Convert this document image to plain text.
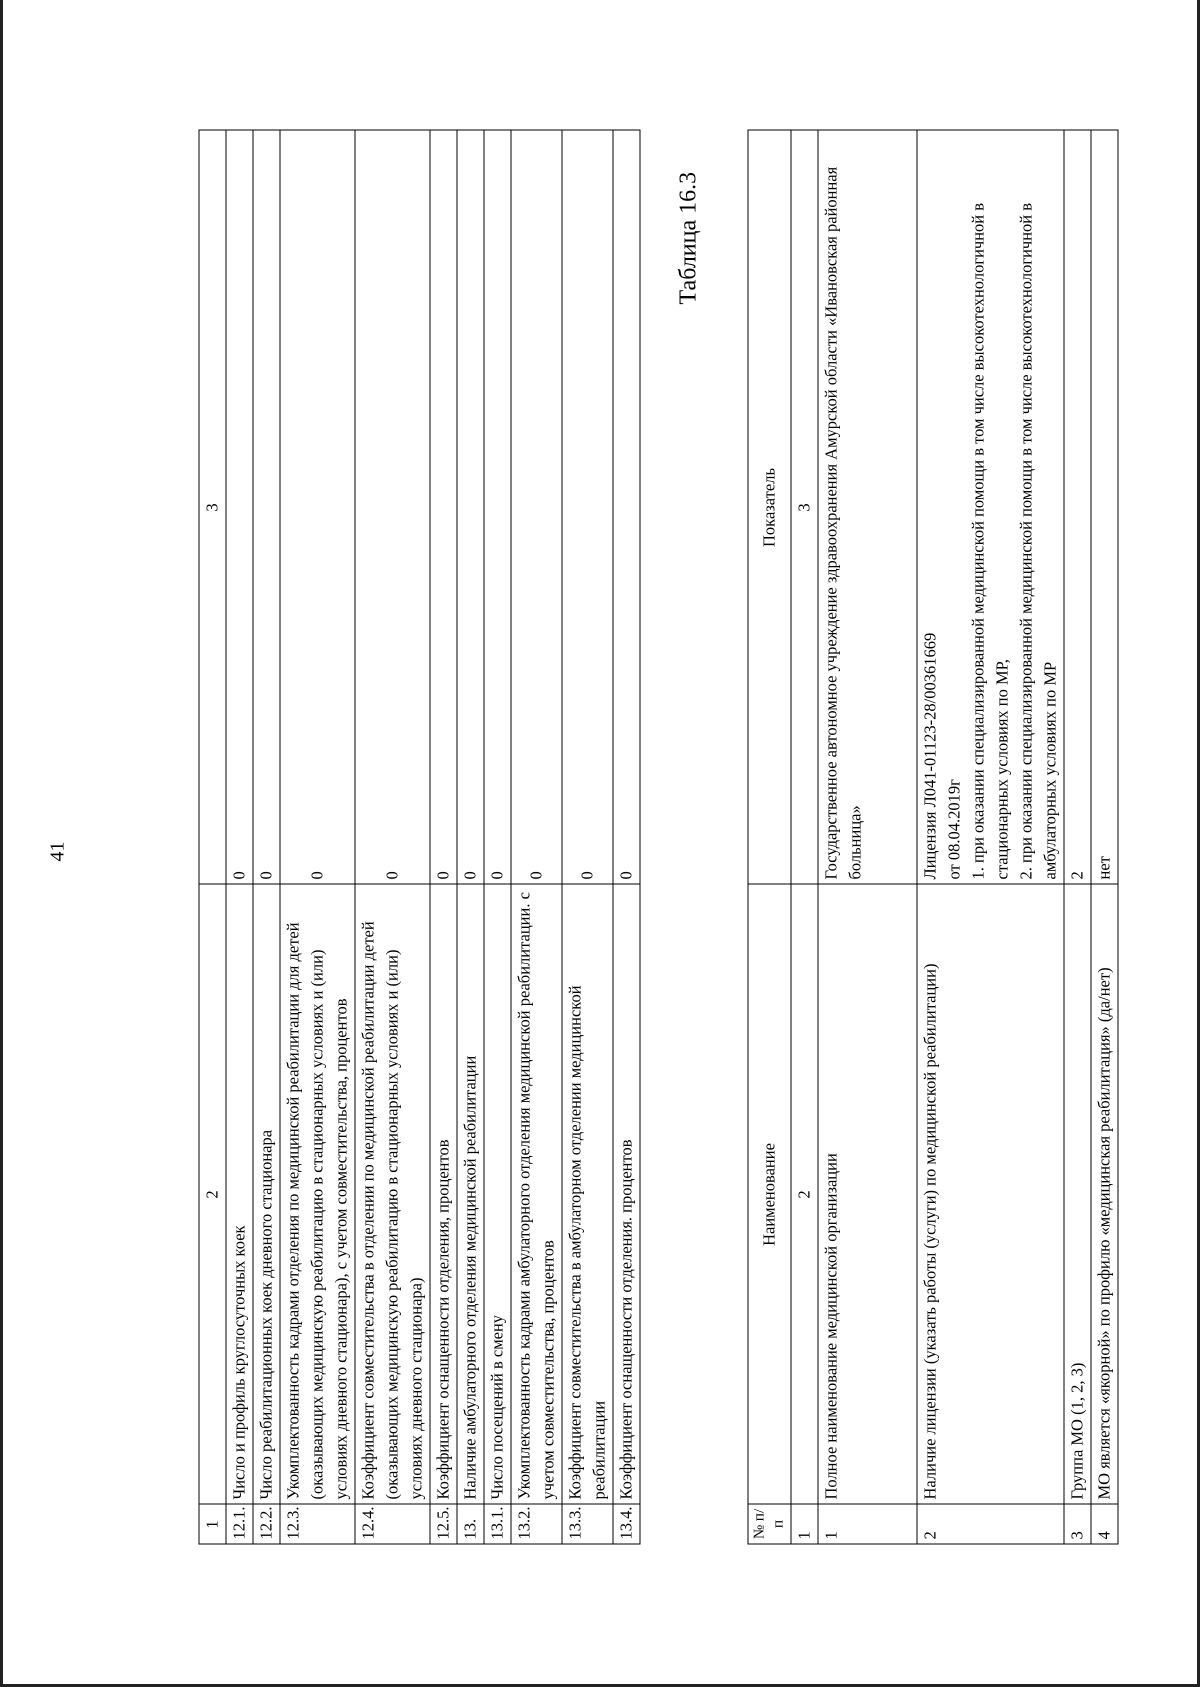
41
1	2	3
12.1.	Число и профиль круглосуточных коек	0
12.2.	Число реабилитационных коек дневного стационара	0
12.3.	Укомплектованность кадрами отделения по медицинской реабилитации для детей (оказывающих медицинскую реабилитацию в стационарных условиях и (или) условиях дневного стационара), с учетом совместительства, процентов	0
12.4.	Коэффициент совместительства в отделении по медицинской реабилитации детей (оказывающих медицинскую реабилитацию в стационарных условиях и (или) условиях дневного стационара)	0
12.5.	Коэффициент оснащенности отделения, процентов	0
13.	Наличие амбулаторного отделения медицинской реабилитации	0
13.1.	Число посещений в смену	0
13.2.	Укомплектованность кадрами амбулаторного отделения медицинской реабилитации. с учетом совместительства, процентов	0
13.3.	Коэффициент совместительства в амбулаторном отделении медицинской реабилитации	0
13.4.	Коэффициент оснащенности отделения. процентов	0
Таблица 16.3
№ п/п	Наименование	Показатель
1	2	3
1	Полное наименование медицинской организации	Государственное автономное учреждение здравоохранения Амурской области «Ивановская районная больница»

2	Наличие лицензии (указать работы (услуги) по медицинской реабилитации)	Лицензия Л041-01123-28/00361669 от 08.04.2019г 1. при оказании специализированной медицинской помощи в том числе высокотехнологичной в стационарных условиях по МР, 2. при оказании специализированной медицинской помощи в том числе высокотехнологичной в амбулаторных условиях по МР

3	Группа МО (1, 2, 3)	2

4	МО является «якорной» по профилю «медицинская реабилитация» (да/нет)	нет
